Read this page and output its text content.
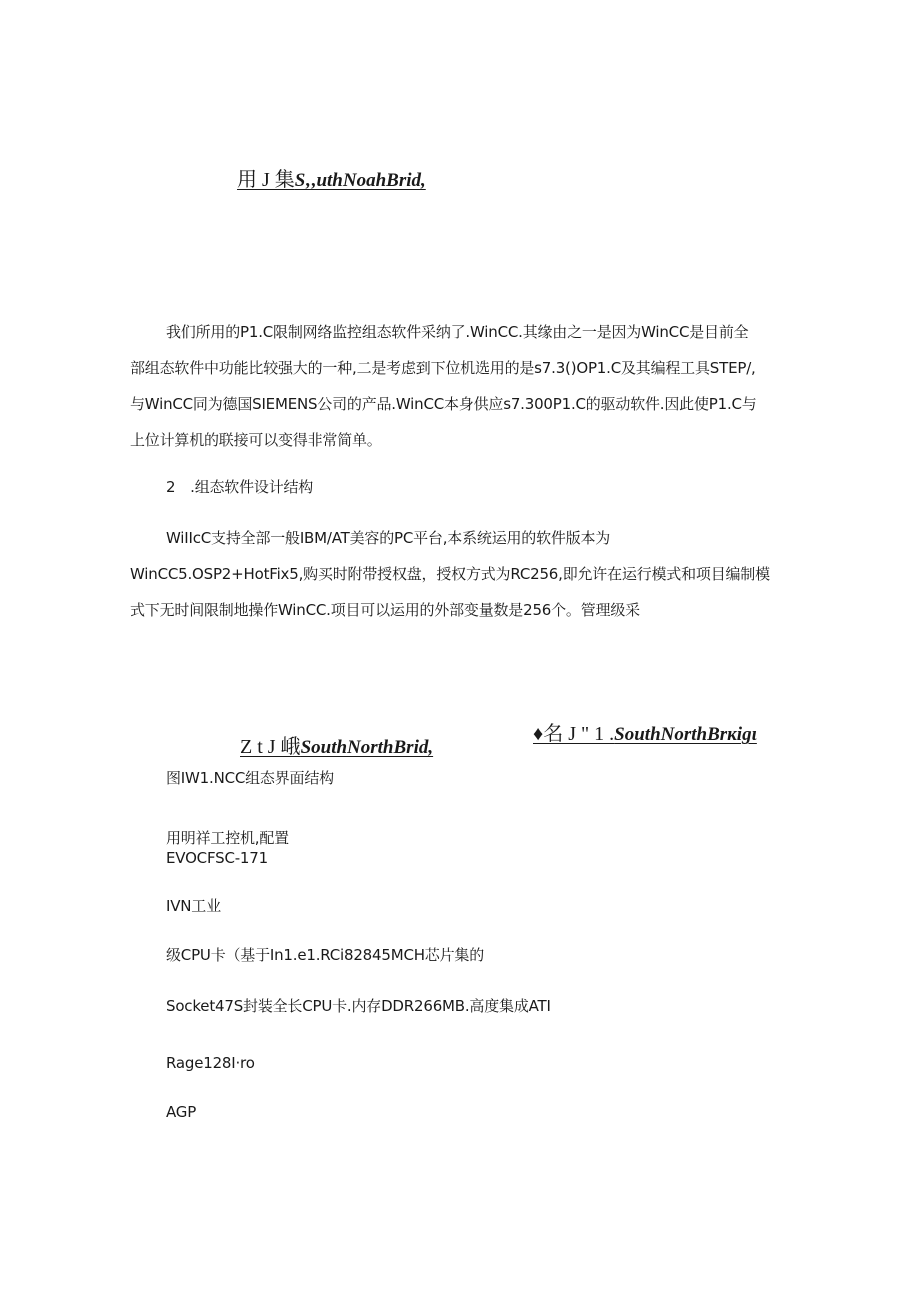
用 J 集S‚,uthNoahBrid,
我们所用的P1.C限制网络监控组态软件采纳了.WinCC.其缘由之一是因为WinCC是目前全
部组态软件中功能比较强大的一种,二是考虑到下位机选用的是s7.3()OP1.C及其编程工具STEP/,
与WinCC同为德国SIEMENS公司的产品.WinCC本身供应s7.300P1.C的驱动软件.因此使P1.C与
上位计算机的联接可以变得非常简单。
2　.组态软件设计结构
WiIIcC支持全部一般IBM/AT美容的PC平台,本系统运用的软件版本为
WinCC5.OSP2+HotFix5,购买时附带授权盘，授权方式为RC256,即允许在运行模式和项目编制模
式下无时间限制地操作WinCC.项目可以运用的外部变量数是256个。管理级采
Z t J 峨SouthNorthBrid,
♦名 J " 1 .SouthNorthBrкigι
图IW1.NCC组态界面结构
用明祥工控机,配置
EVOCFSC-171
IVN工业
级CPU卡（基于In1.e1.RCi82845MCH芯片集的
Socket47S封装全长CPU卡.内存DDR266MB.高度集成ATI
Rage128I·ro
AGP
